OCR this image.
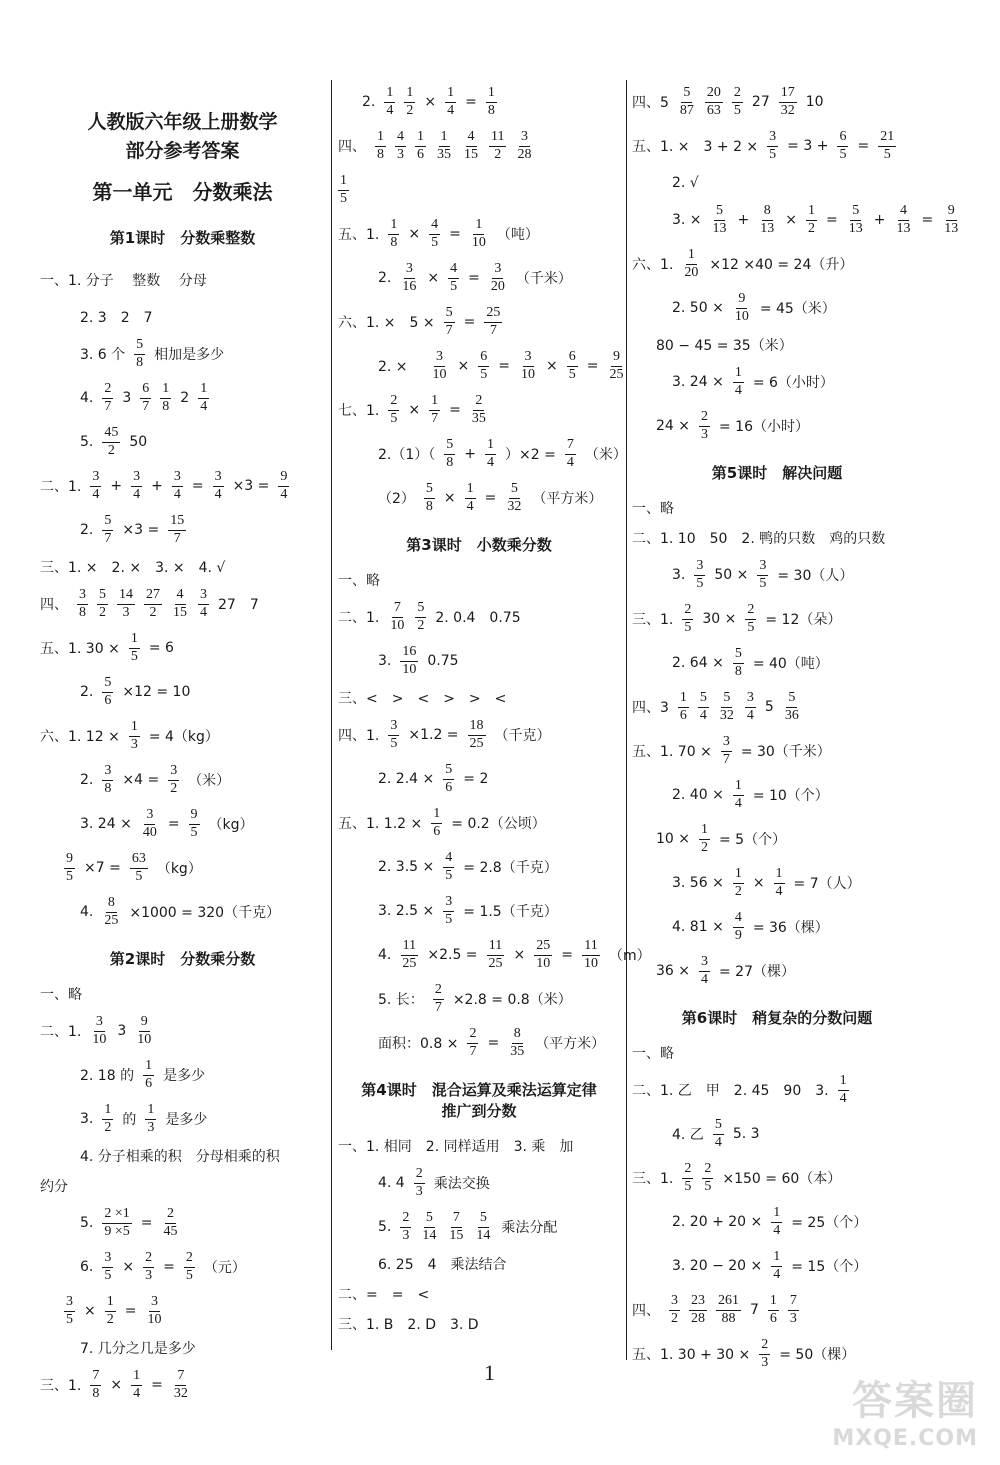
人教版六年级上册数学
部分参考答案
第一单元　分数乘法
第1课时　分数乘整数
一、1. 分子　 整数　 分母
2. 3　2　7
3. 6 个 $\frac{5}{8}$ 相加是多少
4. $\frac{2}{7} 3 \frac{6}{7} \frac{1}{8} 2 \frac{1}{4}$
5. $\frac{45}{2} 50$
二、1. $\frac{3}{4} + \frac{3}{4} + \frac{3}{4} = \frac{3}{4} \times 3 = \frac{9}{4}$
2. $\frac{5}{7} \times 3 = \frac{15}{7}$
三、1. ×　2. ×　3. ×　4. √
四、 $\frac{3}{8} \frac{5}{2} \frac{14}{3} \frac{27}{2} \frac{4}{15} \frac{3}{4} 27$　7
五、1. $30 \times \frac{1}{5} = 6$
2. $\frac{5}{6} \times 12 = 10$
六、1. $12 \times \frac{1}{3} = 4(kg)$
2. $\frac{3}{8} \times 4 = \frac{3}{2}$ （米）
3. $24 \times \frac{3}{40} = \frac{9}{5} (kg)$
$\frac{9}{5} \times 7 = \frac{63}{5} (kg)$
4. $\frac{8}{25} \times 1000 = 320$（千克）
第2课时　分数乘分数
一、略
二、1. $\frac{3}{10} 3 \frac{9}{10}$
2. 18 的 $\frac{1}{6}$ 是多少
3. $\frac{1}{2}$ 的 $\frac{1}{3}$ 是多少
4. 分子相乘的积　分母相乘的积
约分
5. $\frac{2 \times 1}{9 \times 5} = \frac{2}{45}$
6. $\frac{3}{5} \times \frac{2}{3} = \frac{2}{5}$ （元）
$\frac{3}{5} \times \frac{1}{2} = \frac{3}{10}$
7. 几分之几是多少
三、1. $\frac{7}{8} \times \frac{1}{4} = \frac{7}{32}$
2. $\frac{1}{4} \frac{1}{2} \times \frac{1}{4} = \frac{1}{8}$
四、 $\frac{1}{8} \frac{4}{3} \frac{1}{6} \frac{1}{35} \frac{4}{15} \frac{11}{2} \frac{3}{28}$
$\frac{1}{5}$
五、1. $\frac{1}{8} \times \frac{4}{5} = \frac{1}{10}$ （吨）
2. $\frac{3}{16} \times \frac{4}{5} = \frac{3}{20}$ （千米）
六、1. ×　$5 \times \frac{5}{7} = \frac{25}{7}$
2. ×　 $\frac{3}{10} \times \frac{6}{5} = \frac{3}{10} \times \frac{6}{5} = \frac{9}{25}$
七、1. $\frac{2}{5} \times \frac{1}{7} = \frac{2}{35}$
$2.(1)( \frac{5}{8} + \frac{1}{4} )\times 2 = \frac{7}{4}$ （米）
$(2) \frac{5}{8} \times \frac{1}{4} = \frac{5}{32}$ （平方米）
第3课时　小数乘分数
一、略
二、1. $\frac{7}{10} \frac{5}{2} 2$. 0.4　0.75
3. $\frac{16}{10} 0.75$
三、<　>　<　>　>　<
四、1. $\frac{3}{5} \times 1.2 = \frac{18}{25}$ （千克）
2. $2.4 \times \frac{5}{6} = 2$
五、1. $1.2 \times \frac{1}{6} = 0.2$（公顷）
2. $3.5 \times \frac{4}{5} = 2.8$（千克）
3. $2.5 \times \frac{3}{5} = 1.5$（千克）
4. $\frac{11}{25} \times 2.5 = \frac{11}{25} \times \frac{25}{10} = \frac{11}{10} (m)$
5. 长： $\frac{2}{7} \times 2.8 = 0.8$（米）
面积：$0.8 \times \frac{2}{7} = \frac{8}{35}$ （平方米）
第4课时　混合运算及乘法运算定律
推广到分数
一、1. 相同　2. 同样适用　3. 乘　加
4. $4 \frac{2}{3}$ 乘法交换
5. $\frac{2}{3} \frac{5}{14} \frac{7}{15} \frac{5}{14}$ 乘法分配
6. 25　4　乘法结合
二、=　=　<
三、1. B　2. D　3. D
四、$5 \frac{5}{87} \frac{20}{63} \frac{2}{5} 27 \frac{17}{32} 10$
五、1. ×　$3 + 2 \times \frac{3}{5} = 3 + \frac{6}{5} = \frac{21}{5}$
2. √
3. × $\frac{5}{13} + \frac{8}{13} \times \frac{1}{2} = \frac{5}{13} + \frac{4}{13} = \frac{9}{13}$
六、1. $\frac{1}{20} \times 12 \times 40 = 24$（升）
2. $50 \times \frac{9}{10} = 45$（米）
80 − 45 = 35（米）
3. $24 \times \frac{1}{4} = 6$（小时）
$24 \times \frac{2}{3} = 16$（小时）
第5课时　解决问题
一、略
二、1. 10　50　2. 鸭的只数　鸡的只数
3. $\frac{3}{5} 50 \times \frac{3}{5} = 30$（人）
三、1. $\frac{2}{5} 30 \times \frac{2}{5} = 12$（朵）
2. $64 \times \frac{5}{8} = 40$（吨）
四、$3 \frac{1}{6} \frac{5}{4} \frac{5}{32} \frac{3}{4} 5 \frac{5}{36}$
五、1. $70 \times \frac{3}{7} = 30$（千米）
2. $40 \times \frac{1}{4} = 10$（个）
$10 \times \frac{1}{2} = 5$（个）
3. $56 \times \frac{1}{2} \times \frac{1}{4} = 7$（人）
4. $81 \times \frac{4}{9} = 36$（棵）
$36 \times \frac{3}{4} = 27$（棵）
第6课时　稍复杂的分数问题
一、略
二、1. 乙　甲　2. 45　90　3. $\frac{1}{4}$
4. 乙 $\frac{5}{4} 5$. 3
三、1. $\frac{2}{5} \frac{2}{5} \times 150 = 60$（本）
2. $20 + 20 \times \frac{1}{4} = 25$（个）
3. $20 - 20 \times \frac{1}{4} = 15$（个）
四、 $\frac{3}{2} \frac{23}{28} \frac{261}{88} 7 \frac{1}{6} \frac{7}{3}$
五、1. $30 + 30 \times \frac{2}{3} = 50$（棵）
1
答案圈
MXQE.COM
